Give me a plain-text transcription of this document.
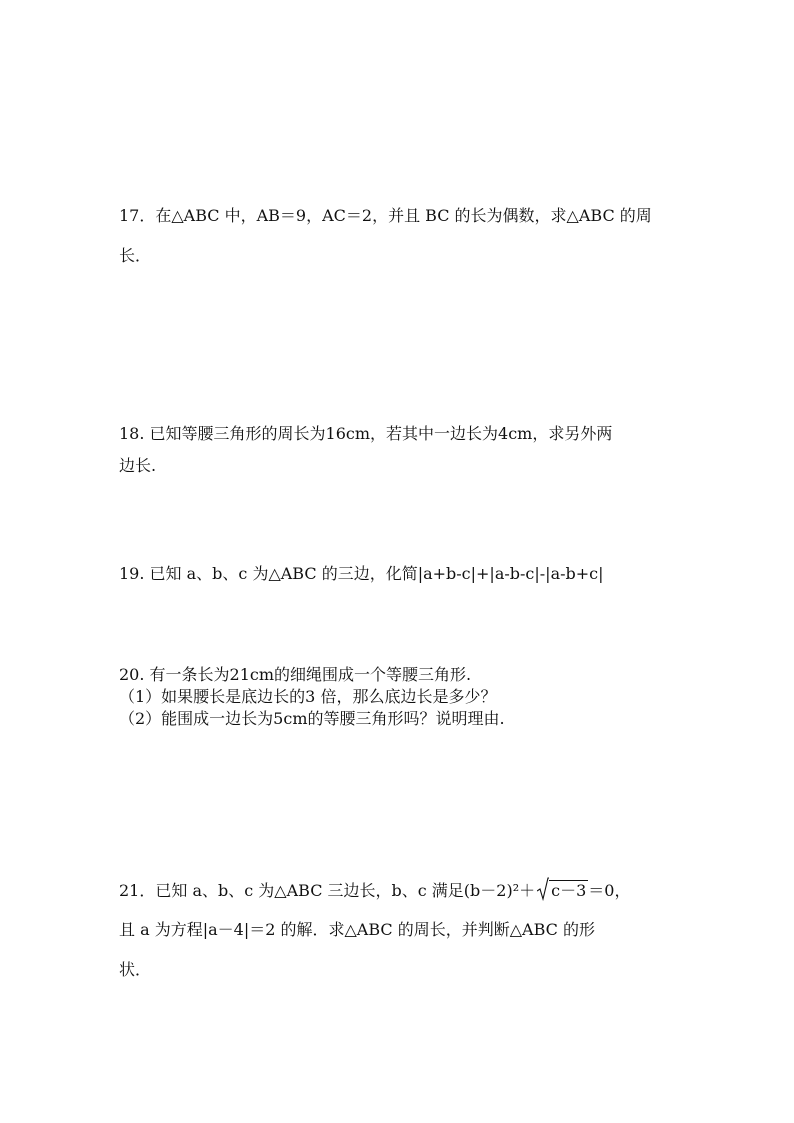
17．在△ABC 中，AB＝9，AC＝2，并且 BC 的长为偶数，求△ABC 的周
长．
18. 已知等腰三角形的周长为16cm，若其中一边长为4cm，求另外两
边长.
19. 已知 a、b、c 为△ABC 的三边，化简|a+b-c|+|a-b-c|-|a-b+c|
20. 有一条长为21cm的细绳围成一个等腰三角形.
（1）如果腰长是底边长的3 倍，那么底边长是多少？
（2）能围成一边长为5cm的等腰三角形吗？说明理由.
21．已知 a、b、c 为△ABC 三边长，b、c 满足(b－2)²＋ c－3 ＝0，
且 a 为方程|a－4|＝2 的解．求△ABC 的周长，并判断△ABC 的形
状．
